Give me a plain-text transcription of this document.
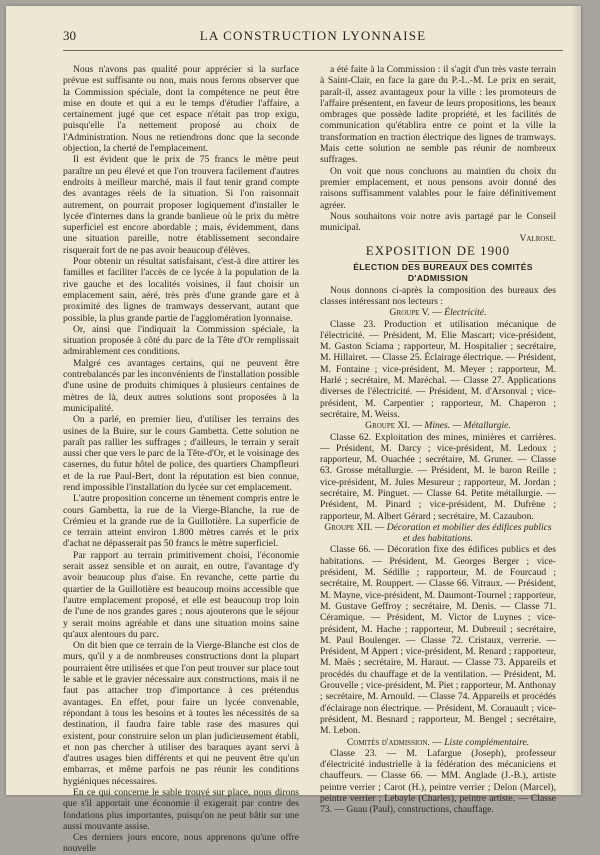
30	LA CONSTRUCTION LYONNAISE

Nous n'avons pas qualité pour apprécier si la surface prévue est suffisante ou non, mais nous ferons observer que la Commission spéciale, dont la compétence ne peut être mise en doute et qui a eu le temps d'étudier l'affaire, a certainement jugé que cet espace n'était pas trop exigu, puisqu'elle l'a nettement proposé au choix de l'Administration. Nous ne retiendrons donc que la seconde objection, la cherté de l'emplacement.

Il est évident que le prix de 75 francs le mètre peut paraître un peu élevé et que l'on trouvera facilement d'autres endroits à meilleur marché, mais il faut tenir grand compte des avantages réels de la situation. Si l'on raisonnait autrement, on pourrait proposer logiquement d'installer le lycée d'internes dans la grande banlieue où le prix du mètre superficiel est encore abordable ; mais, évidemment, dans une situation pareille, notre établissement secondaire risquerait fort de ne pas avoir beaucoup d'élèves.

Pour obtenir un résultat satisfaisant, c'est-à dire attirer les familles et faciliter l'accès de ce lycée à la population de la rive gauche et des localités voisines, il faut choisir un emplacement sain, aéré, très près d'une grande gare et à proximité des lignes de tramways desservant, autant que possible, la plus grande partie de l'agglomération lyonnaise.

Or, ainsi que l'indiquait la Commission spéciale, la situation proposée à côté du parc de la Tête d'Or remplissait admirablement ces conditions.

Malgré ces avantages certains, qui ne peuvent être contrebalancés par les inconvénients de l'installation possible d'une usine de produits chimiques à plusieurs centaines de mètres de là, deux autres solutions sont proposées à la municipalité.

On a parlé, en premier lieu, d'utiliser les terrains des usines de la Buire, sur le cours Gambetta. Cette solution ne paraît pas rallier les suffrages ; d'ailleurs, le terrain y serait aussi cher que vers le parc de la Tête-d'Or, et le voisinage des casernes, du futur hôtel de police, des quartiers Champfleuri et de la rue Paul-Bert, dont la réputation est bien connue, rend impossible l'installation du lycée sur cet emplacement.

L'autre proposition concerne un tènement compris entre le cours Gambetta, la rue de la Vierge-Blanche, la rue de Crémieu et la grande rue de la Guillotière. La superficie de ce terrain atteint environ 1.800 mètres carrés et le prix d'achat ne dépasserait pas 50 francs le mètre superficiel.

Par rapport au terrain primitivement choisi, l'économie serait assez sensible et on aurait, en outre, l'avantage d'y avoir beaucoup plus d'aise. En revanche, cette partie du quartier de la Guillotière est beaucoup moins accessible que l'autre emplacement proposé, et elle est beaucoup trop loin de l'une de nos grandes gares ; nous ajouterons que le séjour y serait moins agréable et dans une situation moins saine qu'aux alentours du parc.

On dit bien que ce terrain de la Vierge-Blanche est clos de murs, qu'il y a de nombreuses constructions dont la plupart pourraient être utilisées et que l'on peut trouver sur place tout le sable et le gravier nécessaire aux constructions, mais il ne faut pas attacher trop d'importance à ces prétendus avantages. En effet, pour faire un lycée convenable, répondant à tous les besoins et à toutes les nécessités de sa destination, il faudra faire table rase des masures qui existent, pour construire selon un plan judicieusement établi, et non pas chercher à utiliser des baraques ayant servi à d'autres usages bien différents et qui ne peuvent être qu'un embarras, et même parfois ne pas réunir les conditions hygiéniques nécessaires.

En ce qui concerne le sable trouvé sur place, nous dirons que s'il apportait une économie il exigerait par contre des fondations plus importantes, puisqu'on ne peut bâtir sur une aussi mouvante assise.

Ces derniers jours encore, nous apprenons qu'une offre nouvelle

a été faite à la Commission : il s'agit d'un très vaste terrain à Saint-Clair, en face la gare du P.-L.-M. Le prix en serait, paraît-il, assez avantageux pour la ville : les promoteurs de l'affaire présentent, en faveur de leurs propositions, les beaux ombrages que possède ladite propriété, et les facilités de communication qu'établira entre ce point et la ville la transformation en traction électrique des lignes de tramways. Mais cette solution ne semble pas réunir de nombreux suffrages.

On voit que nous concluons au maintien du choix du premier emplacement, et nous pensons avoir donné des raisons suffisamment valables pour le faire définitivement agréer.

Nous souhaitons voir notre avis partagé par le Conseil municipal.

Valrose.

EXPOSITION DE 1900

ÉLECTION DES BUREAUX DES COMITÉS D'ADMISSION

Nous donnons ci-après la composition des bureaux des classes intéressant nos lecteurs :

Groupe V. — Électricité.

Classe 23. Production et utilisation mécanique de l'électricité. — Président, M. Elie Mascart; vice-président, M. Gaston Sciama ; rapporteur, M. Hospitalier ; secrétaire, M. Hillairet. — Classe 25. Éclairage électrique. — Président, M. Fontaine ; vice-président, M. Meyer ; rapporteur, M. Harlé ; secrétaire, M. Maréchal. — Classe 27. Applications diverses de l'électricité. — Président, M. d'Arsonval ; vice-président, M. Carpentier ; rapporteur, M. Chaperon ; secrétaire, M. Weiss.

Groupe XI. — Mines. — Métallurgie.

Classe 62. Exploitation des mines, minières et carrières. — Président, M. Darcy ; vice-président, M. Ledoux ; rapporteur, M. Ouachée ; secrétaire, M. Gruner. — Classe 63. Grosse métallurgie. — Président, M. le baron Reille ; vice-président, M. Jules Mesureur ; rapporteur, M. Jordan ; secrétaire, M. Pinguet. — Classe 64. Petite métallurgie. — Président, M. Pinard ; vice-président, M. Dufrène ; rapporteur, M. Albert Gérard ; secrétaire, M. Cazaubon.

Groupe XII. — Décoration et mobilier des édifices publics et des habitations.

Classe 66. — Décoration fixe des édifices publics et des habitations. — Président, M. Georges Berger ; vice-président, M. Sédille ; rapporteur, M. de Fourcaud ; secrétaire, M. Rouppert. — Classe 66. Vitraux. — Président, M. Mayne, vice-président, M. Daumont-Tournel ; rapporteur, M. Gustave Geffroy ; secrétaire, M. Denis. — Classe 71. Céramique. — Président, M. Victor de Luynes ; vice-président, M. Hache ; rapporteur, M. Dubreuil ; secrétaire, M. Paul Boulenger. — Classe 72. Cristaux, verrerie. — Président, M Appert ; vice-président, M. Renard ; rapporteur, M. Maës ; secrétaire, M. Haraut. — Classe 73. Appareils et procédés du chauffage et de la ventilation. — Président, M. Grouvelle ; vice-président, M. Piet ; rapporteur, M. Anthonay ; secrétaire, M. Arnould. — Classe 74. Appareils et procédés d'éclairage non électrique. — Président, M. Corauault ; vice-président, M. Besnard ; rapporteur, M. Bengel ; secrétaire, M. Lebon.

Comités d'admission. — Liste complémentaire.

Classe 23. — M. Lafargue (Joseph), professeur d'électricité industrielle à la fédération des mécaniciens et chauffeurs. — Classe 66. — MM. Anglade (J.-B.), artiste peintre verrier ; Carot (H.), peintre verrier ; Delon (Marcel), peintre verrier ; Lebayle (Charles), peintre artiste. — Classe 73. — Guau (Paul), constructions, chauffage.
